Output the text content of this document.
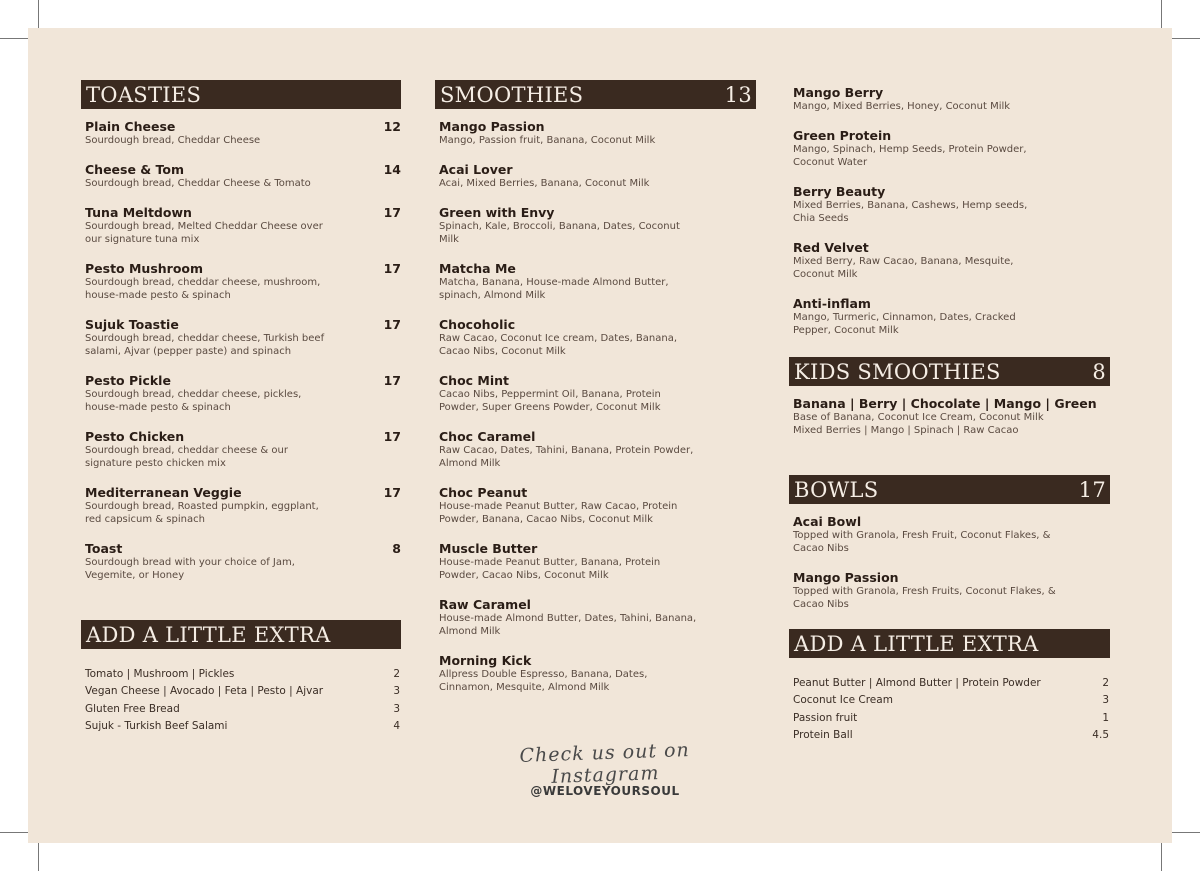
TOASTIES
Plain Cheese	12
Sourdough bread, Cheddar Cheese
Cheese & Tom	14
Sourdough bread, Cheddar Cheese & Tomato
Tuna Meltdown	17
Sourdough bread, Melted Cheddar Cheese over our signature tuna mix
Pesto Mushroom	17
Sourdough bread, cheddar cheese, mushroom, house-made pesto & spinach
Sujuk Toastie	17
Sourdough bread, cheddar cheese, Turkish beef salami, Ajvar (pepper paste) and spinach
Pesto Pickle	17
Sourdough bread, cheddar cheese, pickles, house-made pesto & spinach
Pesto Chicken	17
Sourdough bread, cheddar cheese & our signature pesto chicken mix
Mediterranean Veggie	17
Sourdough bread, Roasted pumpkin, eggplant, red capsicum & spinach
Toast	8
Sourdough bread with your choice of Jam, Vegemite, or Honey
ADD A LITTLE EXTRA
Tomato | Mushroom | Pickles	2
Vegan Cheese | Avocado | Feta | Pesto | Ajvar	3
Gluten Free Bread	3
Sujuk - Turkish Beef Salami	4
SMOOTHIES	13
Mango Passion
Mango, Passion fruit, Banana, Coconut Milk
Acai Lover
Acai, Mixed Berries, Banana, Coconut Milk
Green with Envy
Spinach, Kale, Broccoli, Banana, Dates, Coconut Milk
Matcha Me
Matcha, Banana, House-made Almond Butter, spinach, Almond Milk
Chocoholic
Raw Cacao, Coconut Ice cream, Dates, Banana, Cacao Nibs, Coconut Milk
Choc Mint
Cacao Nibs, Peppermint Oil, Banana, Protein Powder, Super Greens Powder, Coconut Milk
Choc Caramel
Raw Cacao, Dates, Tahini, Banana, Protein Powder, Almond Milk
Choc Peanut
House-made Peanut Butter, Raw Cacao, Protein Powder, Banana, Cacao Nibs, Coconut Milk
Muscle Butter
House-made Peanut Butter, Banana, Protein Powder, Cacao Nibs, Coconut Milk
Raw Caramel
House-made Almond Butter, Dates, Tahini, Banana, Almond Milk
Morning Kick
Allpress Double Espresso, Banana, Dates, Cinnamon, Mesquite, Almond Milk
Mango Berry
Mango, Mixed Berries, Honey, Coconut Milk
Green Protein
Mango, Spinach, Hemp Seeds, Protein Powder, Coconut Water
Berry Beauty
Mixed Berries, Banana, Cashews, Hemp seeds, Chia Seeds
Red Velvet
Mixed Berry, Raw Cacao, Banana, Mesquite, Coconut Milk
Anti-inflam
Mango, Turmeric, Cinnamon, Dates, Cracked Pepper, Coconut Milk
KIDS SMOOTHIES	8
Banana | Berry | Chocolate | Mango | Green
Base of Banana, Coconut Ice Cream, Coconut Milk Mixed Berries | Mango | Spinach | Raw Cacao
BOWLS	17
Acai Bowl
Topped with Granola, Fresh Fruit, Coconut Flakes, & Cacao Nibs
Mango Passion
Topped with Granola, Fresh Fruits, Coconut Flakes, & Cacao Nibs
ADD A LITTLE EXTRA
Peanut Butter | Almond Butter | Protein Powder	2
Coconut Ice Cream	3
Passion fruit	1
Protein Ball	4.5
Check us out on Instagram
@WELOVEYOURSOUL
